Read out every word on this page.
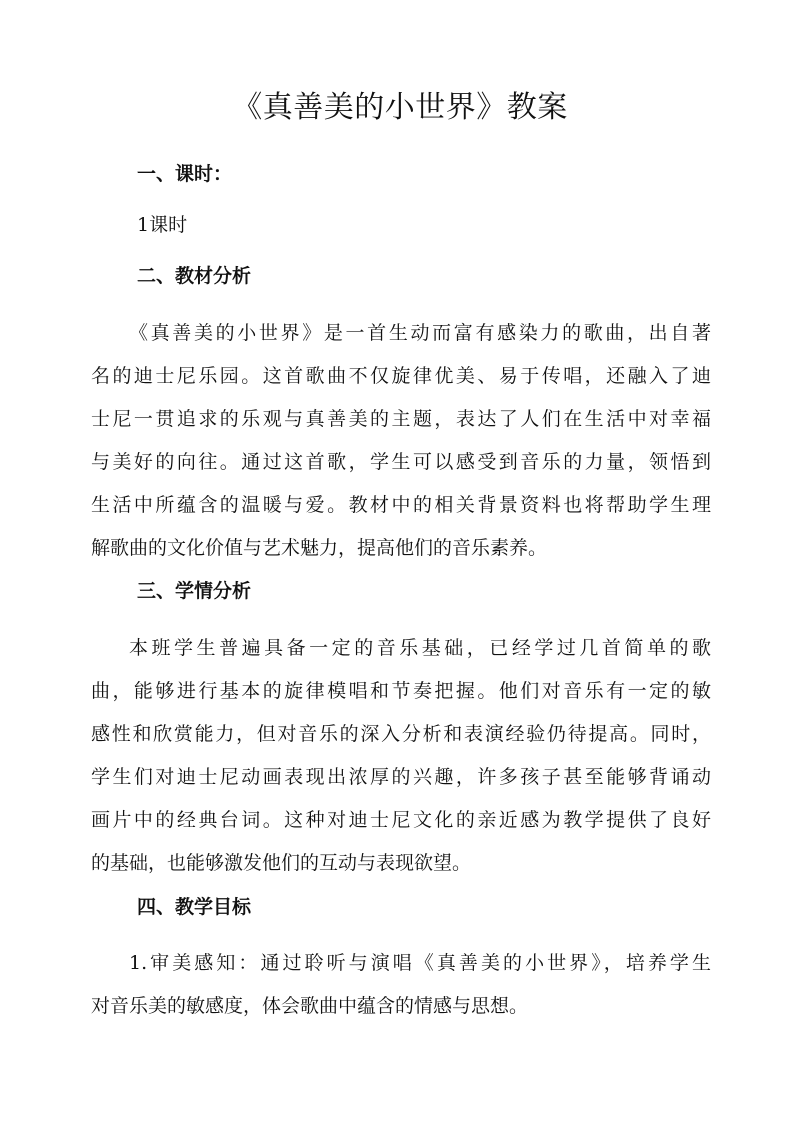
《真善美的小世界》教案
一、课时：

1课时

二、教材分析
《真善美的小世界》是一首生动而富有感染力的歌曲，出自著
名的迪士尼乐园。这首歌曲不仅旋律优美、易于传唱，还融入了迪
士尼一贯追求的乐观与真善美的主题，表达了人们在生活中对幸福
与美好的向往。通过这首歌，学生可以感受到音乐的力量，领悟到
生活中所蕴含的温暖与爱。教材中的相关背景资料也将帮助学生理
解歌曲的文化价值与艺术魅力，提高他们的音乐素养。
三、学情分析
本班学生普遍具备一定的音乐基础，已经学过几首简单的歌
曲，能够进行基本的旋律模唱和节奏把握。他们对音乐有一定的敏
感性和欣赏能力，但对音乐的深入分析和表演经验仍待提高。同时，
学生们对迪士尼动画表现出浓厚的兴趣，许多孩子甚至能够背诵动
画片中的经典台词。这种对迪士尼文化的亲近感为教学提供了良好
的基础，也能够激发他们的互动与表现欲望。
四、教学目标
1.审美感知：通过聆听与演唱《真善美的小世界》，培养学生
对音乐美的敏感度，体会歌曲中蕴含的情感与思想。
